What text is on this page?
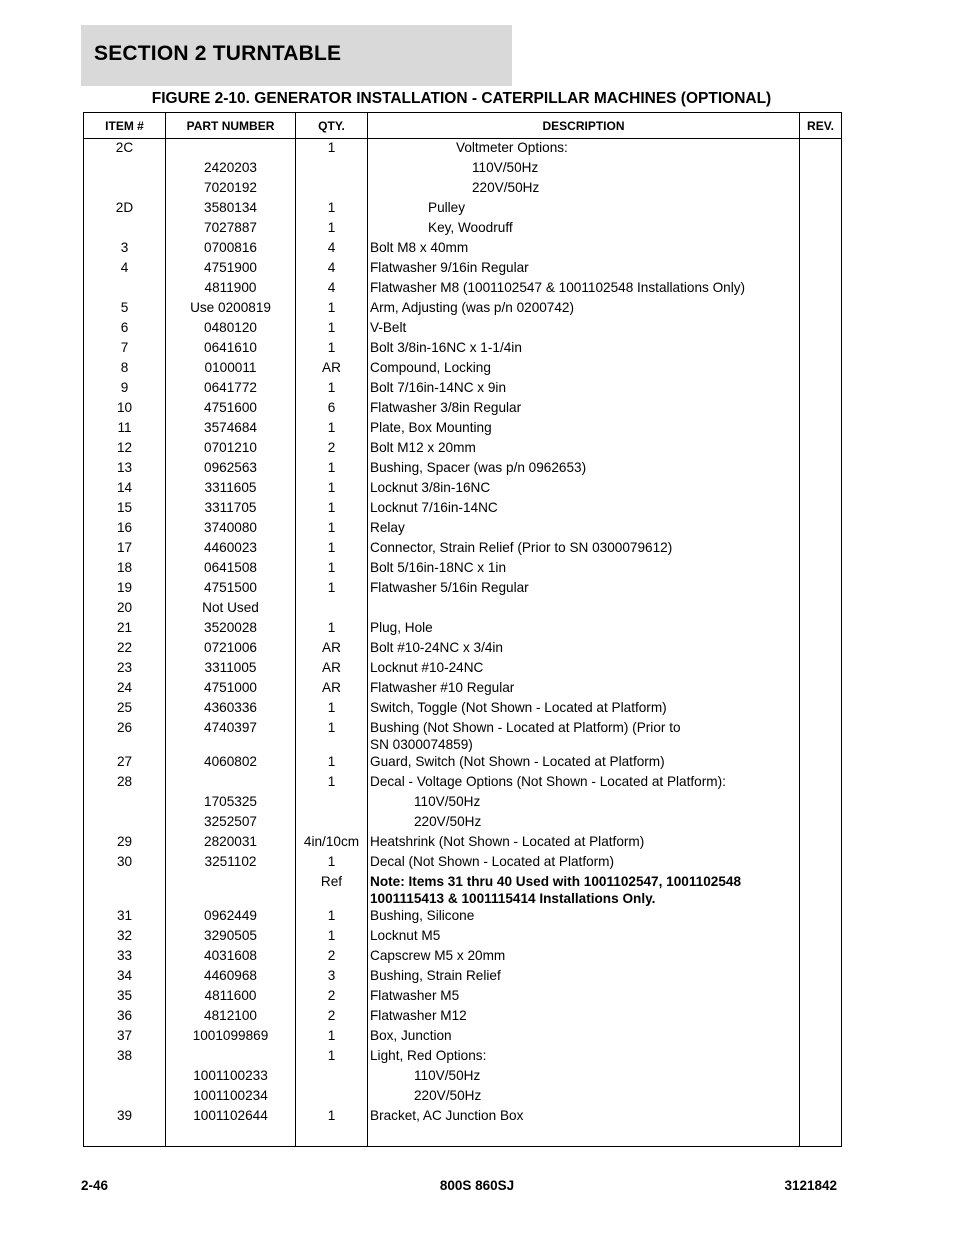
SECTION 2 TURNTABLE
FIGURE 2-10. GENERATOR INSTALLATION - CATERPILLAR MACHINES (OPTIONAL)
ITEM #	PART NUMBER	QTY.	DESCRIPTION	REV.
2C		1	Voltmeter Options:	

	2420203		110V/50Hz	

	7020192		220V/50Hz	

2D	3580134	1	Pulley	

	7027887	1	Key, Woodruff	

3	0700816	4	Bolt M8 x 40mm	

4	4751900	4	Flatwasher 9/16in Regular	

	4811900	4	Flatwasher M8 (1001102547 & 1001102548 Installations Only)	

5	Use 0200819	1	Arm, Adjusting (was p/n 0200742)	

6	0480120	1	V-Belt	

7	0641610	1	Bolt 3/8in-16NC x 1-1/4in	

8	0100011	AR	Compound, Locking	

9	0641772	1	Bolt 7/16in-14NC x 9in	

10	4751600	6	Flatwasher 3/8in Regular	

11	3574684	1	Plate, Box Mounting	

12	0701210	2	Bolt M12 x 20mm	

13	0962563	1	Bushing, Spacer (was p/n 0962653)	

14	3311605	1	Locknut 3/8in-16NC	

15	3311705	1	Locknut 7/16in-14NC	

16	3740080	1	Relay	

17	4460023	1	Connector, Strain Relief (Prior to SN 0300079612)	

18	0641508	1	Bolt 5/16in-18NC x 1in	

19	4751500	1	Flatwasher 5/16in Regular	

20	Not Used		

21	3520028	1	Plug, Hole	

22	0721006	AR	Bolt #10-24NC x 3/4in	

23	3311005	AR	Locknut #10-24NC	

24	4751000	AR	Flatwasher #10 Regular	

25	4360336	1	Switch, Toggle (Not Shown - Located at Platform)	

26	4740397	1	Bushing (Not Shown - Located at Platform) (Prior to
SN 0300074859)	

27	4060802	1	Guard, Switch (Not Shown - Located at Platform)	

28		1	Decal - Voltage Options (Not Shown - Located at Platform):	

	1705325		110V/50Hz	

	3252507		220V/50Hz	

29	2820031	4in/10cm	Heatshrink (Not Shown - Located at Platform)	

30	3251102	1	Decal (Not Shown - Located at Platform)	

		Ref	Note: Items 31 thru 40 Used with 1001102547, 1001102548
1001115413 & 1001115414 Installations Only.	

31	0962449	1	Bushing, Silicone	

32	3290505	1	Locknut M5	

33	4031608	2	Capscrew M5 x 20mm	

34	4460968	3	Bushing, Strain Relief	

35	4811600	2	Flatwasher M5	

36	4812100	2	Flatwasher M12	

37	1001099869	1	Box, Junction	

38		1	Light, Red Options:	

	1001100233		110V/50Hz	

	1001100234		220V/50Hz	

39	1001102644	1	Bracket, AC Junction Box	

2-46	800S 860SJ	3121842
